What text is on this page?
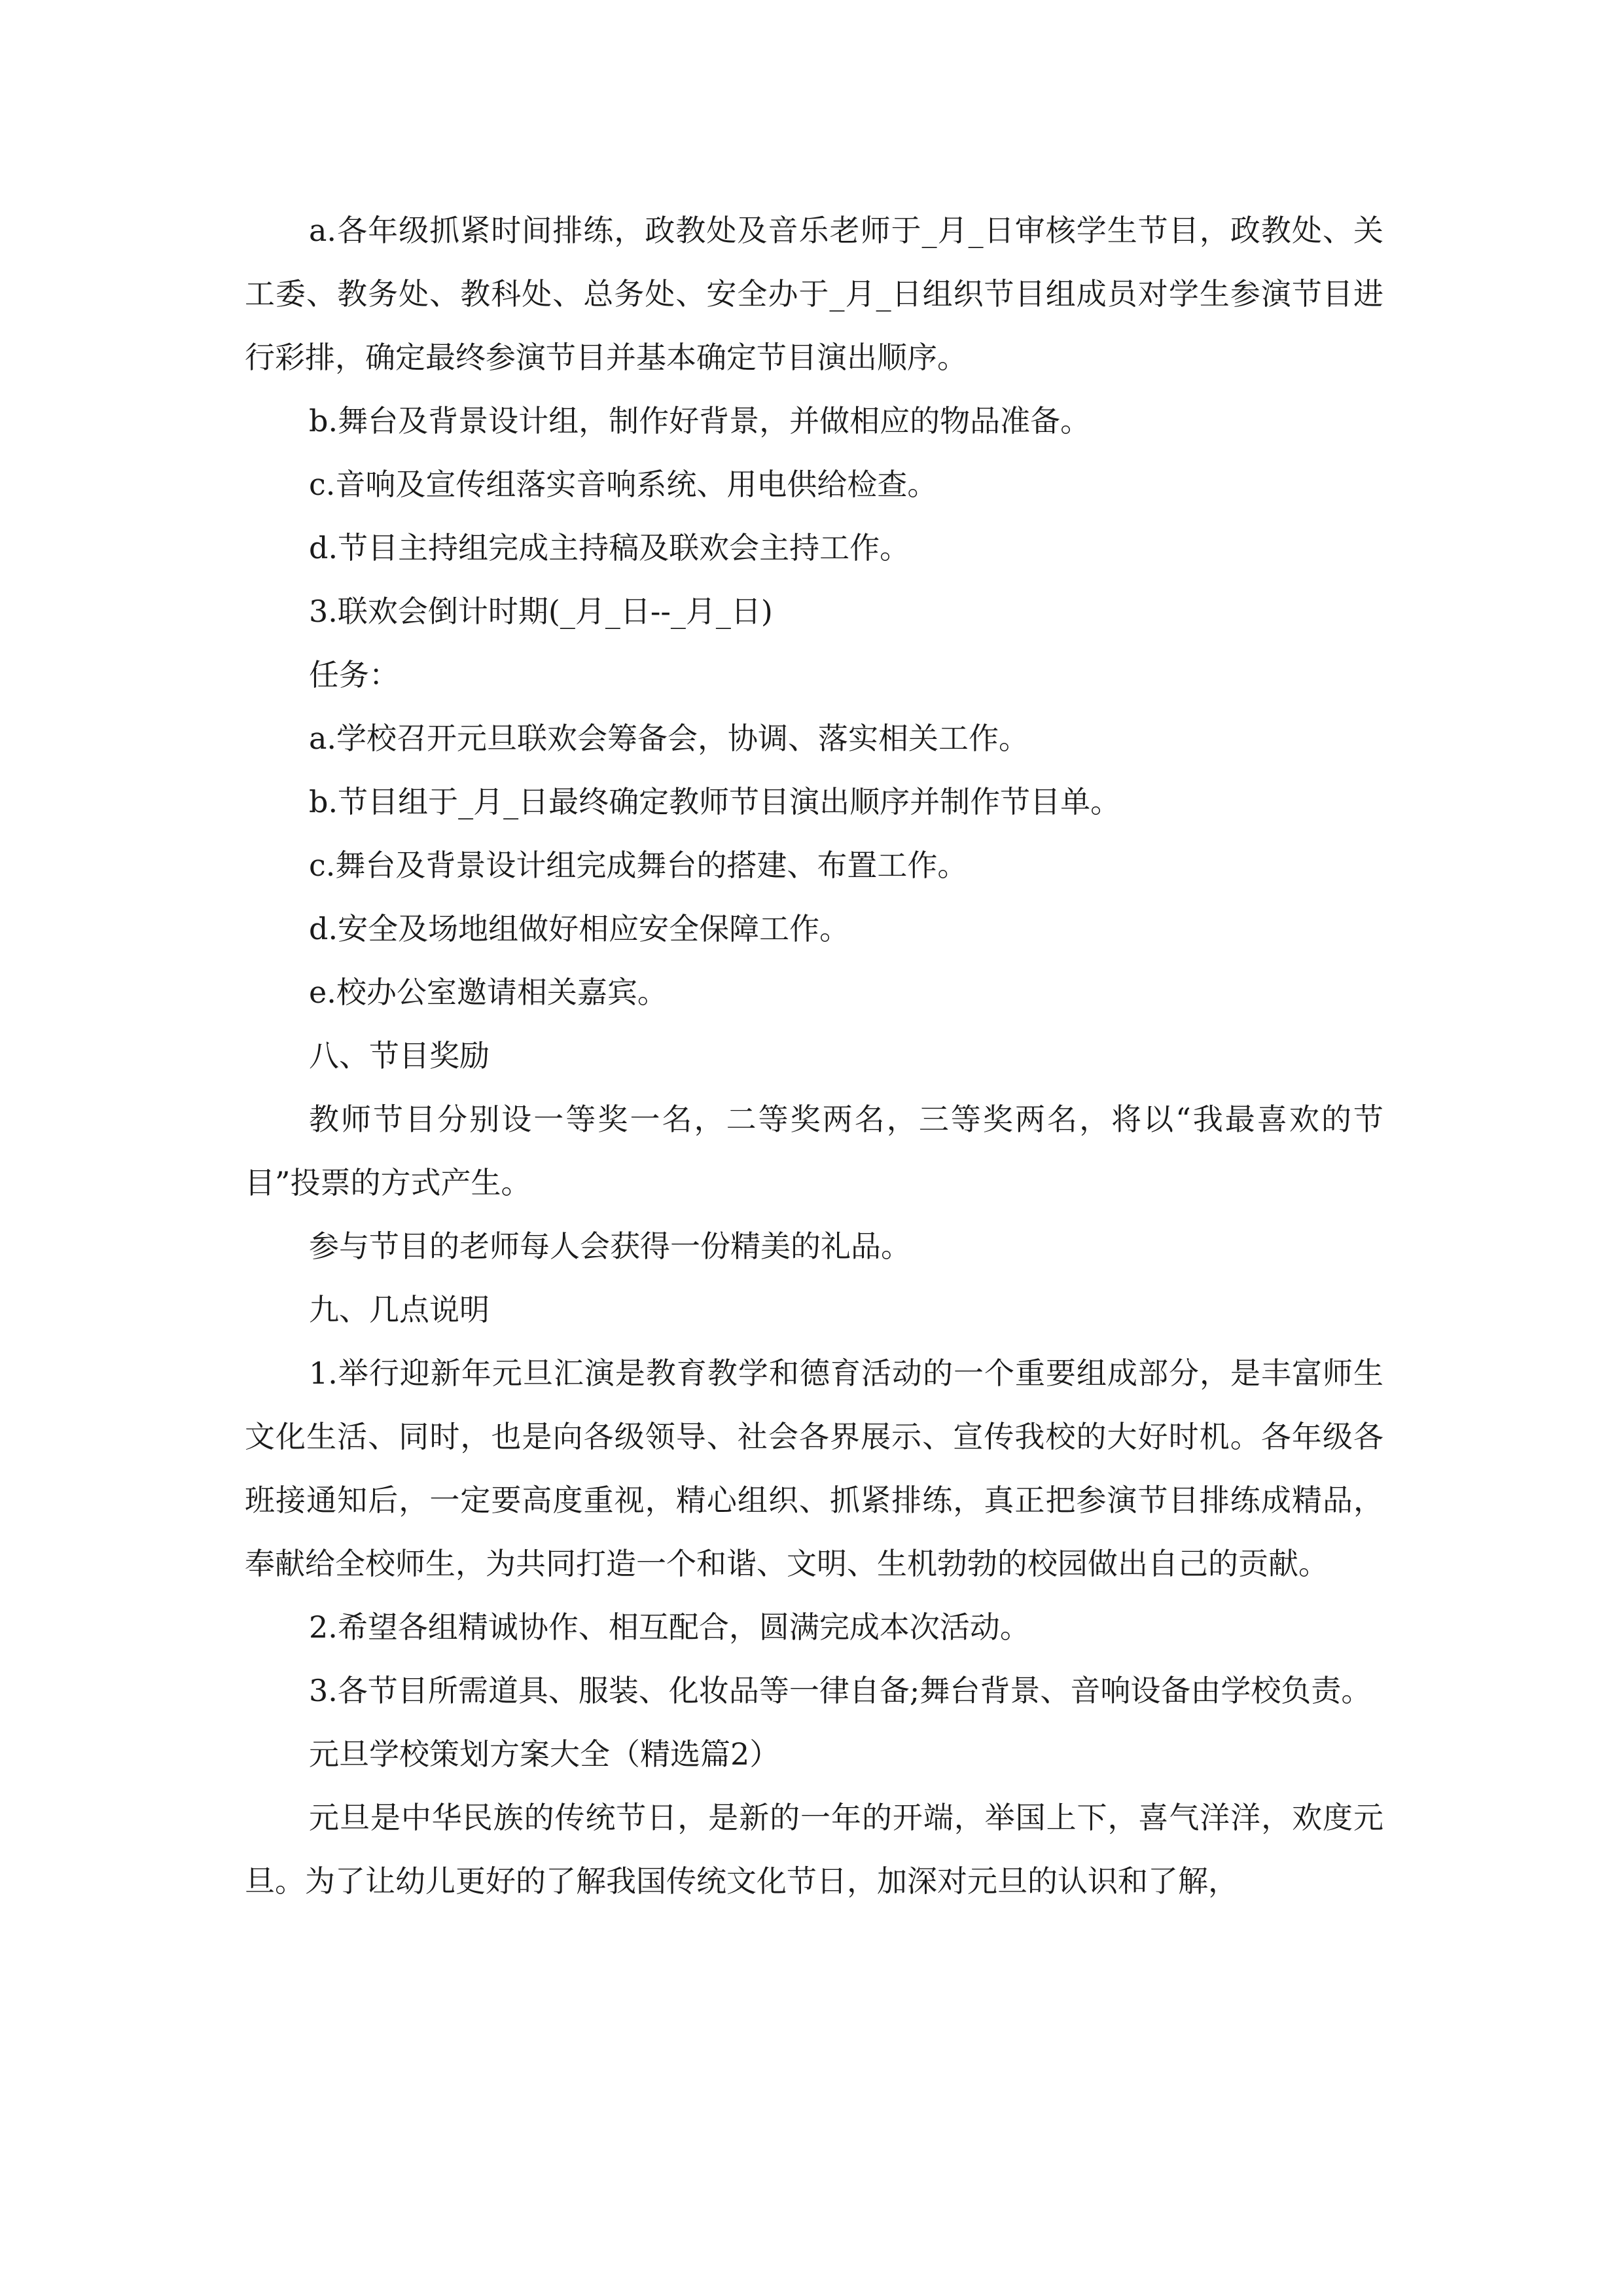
a.各年级抓紧时间排练，政教处及音乐老师于_月_日审核学生节目，政教处、关工委、教务处、教科处、总务处、安全办于_月_日组织节目组成员对学生参演节目进行彩排，确定最终参演节目并基本确定节目演出顺序。

b.舞台及背景设计组，制作好背景，并做相应的物品准备。

c.音响及宣传组落实音响系统、用电供给检查。

d.节目主持组完成主持稿及联欢会主持工作。

3.联欢会倒计时期(_月_日--_月_日)

任务：

a.学校召开元旦联欢会筹备会，协调、落实相关工作。

b.节目组于_月_日最终确定教师节目演出顺序并制作节目单。

c.舞台及背景设计组完成舞台的搭建、布置工作。

d.安全及场地组做好相应安全保障工作。

e.校办公室邀请相关嘉宾。

八、节目奖励

教师节目分别设一等奖一名，二等奖两名，三等奖两名，将以“我最喜欢的节目”投票的方式产生。

参与节目的老师每人会获得一份精美的礼品。

九、几点说明

1.举行迎新年元旦汇演是教育教学和德育活动的一个重要组成部分，是丰富师生文化生活、同时，也是向各级领导、社会各界展示、宣传我校的大好时机。各年级各班接通知后，一定要高度重视，精心组织、抓紧排练，真正把参演节目排练成精品，奉献给全校师生，为共同打造一个和谐、文明、生机勃勃的校园做出自己的贡献。

2.希望各组精诚协作、相互配合，圆满完成本次活动。

3.各节目所需道具、服装、化妆品等一律自备;舞台背景、音响设备由学校负责。

元旦学校策划方案大全（精选篇2）

元旦是中华民族的传统节日，是新的一年的开端，举国上下，喜气洋洋，欢度元旦。为了让幼儿更好的了解我国传统文化节日，加深对元旦的认识和了解，
